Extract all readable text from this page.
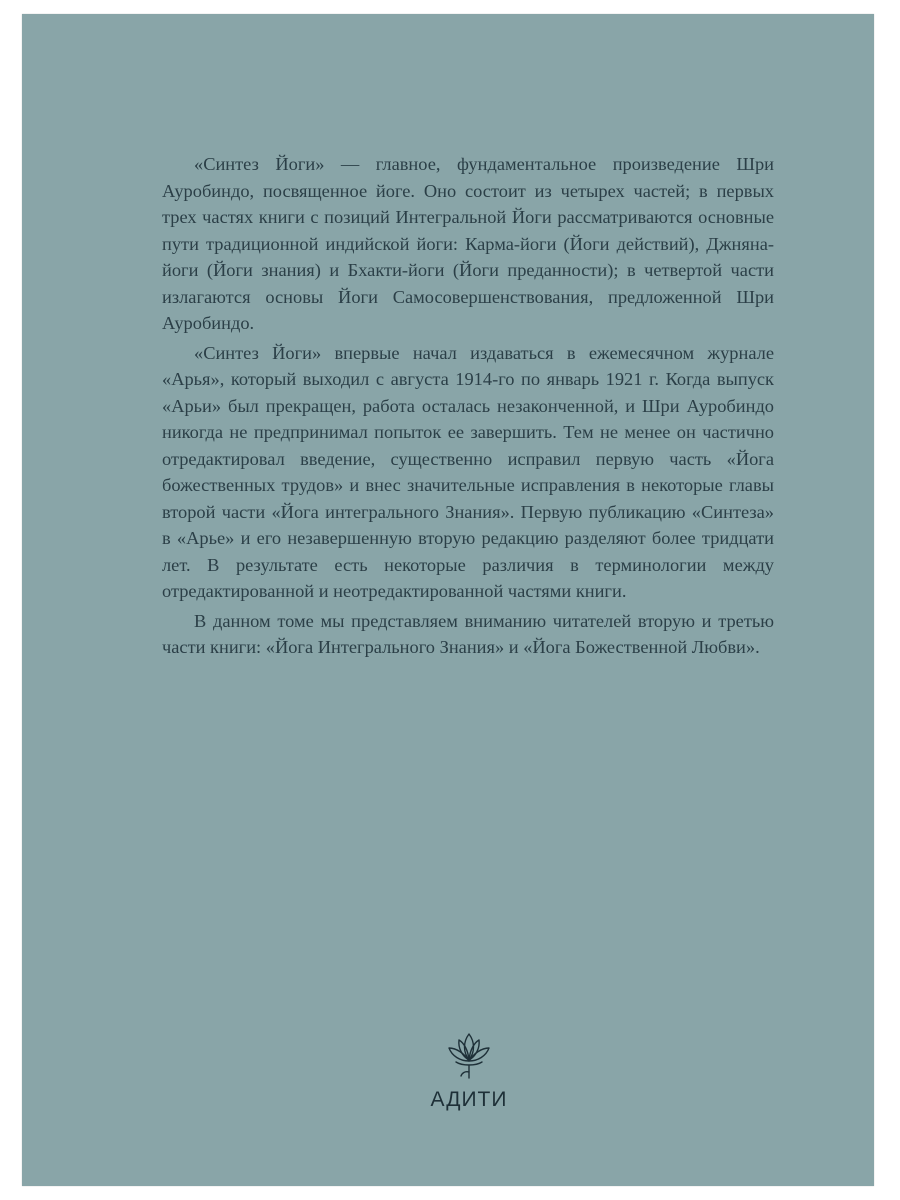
«Синтез Йоги» — главное, фундаментальное произведение Шри Ауробиндо, посвященное йоге. Оно состоит из четырех частей; в первых трех частях книги с позиций Интегральной Йоги рассматриваются основные пути традиционной индийской йоги: Карма-йоги (Йоги действий), Джняна-йоги (Йоги знания) и Бхакти-йоги (Йоги преданности); в четвертой части излагаются основы Йоги Самосовершенствования, предложенной Шри Ауробиндо.

«Синтез Йоги» впервые начал издаваться в ежемесячном журнале «Арья», который выходил с августа 1914-го по январь 1921 г. Когда выпуск «Арьи» был прекращен, работа осталась незаконченной, и Шри Ауробиндо никогда не предпринимал попыток ее завершить. Тем не менее он частично отредактировал введение, существенно исправил первую часть «Йога божественных трудов» и внес значительные исправления в некоторые главы второй части «Йога интегрального Знания». Первую публикацию «Синтеза» в «Арье» и его незавершенную вторую редакцию разделяют более тридцати лет. В результате есть некоторые различия в терминологии между отредактированной и неотредактированной частями книги.

В данном томе мы представляем вниманию читателей вторую и третью части книги: «Йога Интегрального Знания» и «Йога Божественной Любви».

АДИТИ
